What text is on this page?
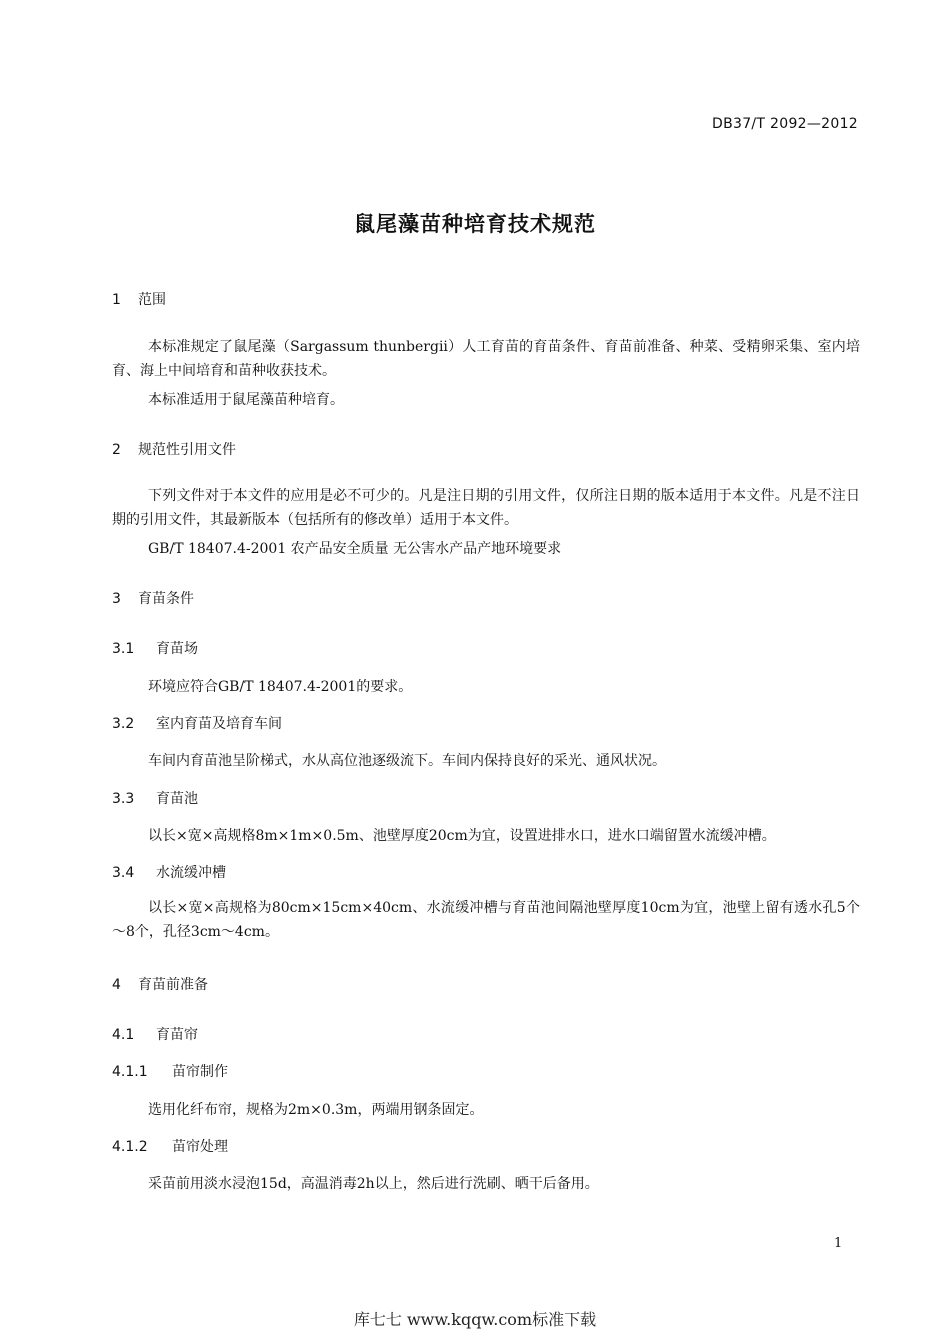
DB37/T 2092—2012
鼠尾藻苗种培育技术规范
1 范围
本标准规定了鼠尾藻（Sargassum thunbergii）人工育苗的育苗条件、育苗前准备、种菜、受精卵采集、室内培育、海上中间培育和苗种收获技术。
本标准适用于鼠尾藻苗种培育。
2 规范性引用文件
下列文件对于本文件的应用是必不可少的。凡是注日期的引用文件，仅所注日期的版本适用于本文件。凡是不注日期的引用文件，其最新版本（包括所有的修改单）适用于本文件。
GB/T 18407.4-2001 农产品安全质量 无公害水产品产地环境要求
3 育苗条件
3.1 育苗场
环境应符合GB/T 18407.4-2001的要求。
3.2 室内育苗及培育车间
车间内育苗池呈阶梯式，水从高位池逐级流下。车间内保持良好的采光、通风状况。
3.3 育苗池
以长×宽×高规格8m×1m×0.5m、池壁厚度20cm为宜，设置进排水口，进水口端留置水流缓冲槽。
3.4 水流缓冲槽
以长×宽×高规格为80cm×15cm×40cm、水流缓冲槽与育苗池间隔池壁厚度10cm为宜，池壁上留有透水孔5个～8个，孔径3cm～4cm。
4 育苗前准备
4.1 育苗帘
4.1.1 苗帘制作
选用化纤布帘，规格为2m×0.3m，两端用钢条固定。
4.1.2 苗帘处理
采苗前用淡水浸泡15d，高温消毒2h以上，然后进行洗刷、晒干后备用。
1
库七七 www.kqqw.com标准下载
